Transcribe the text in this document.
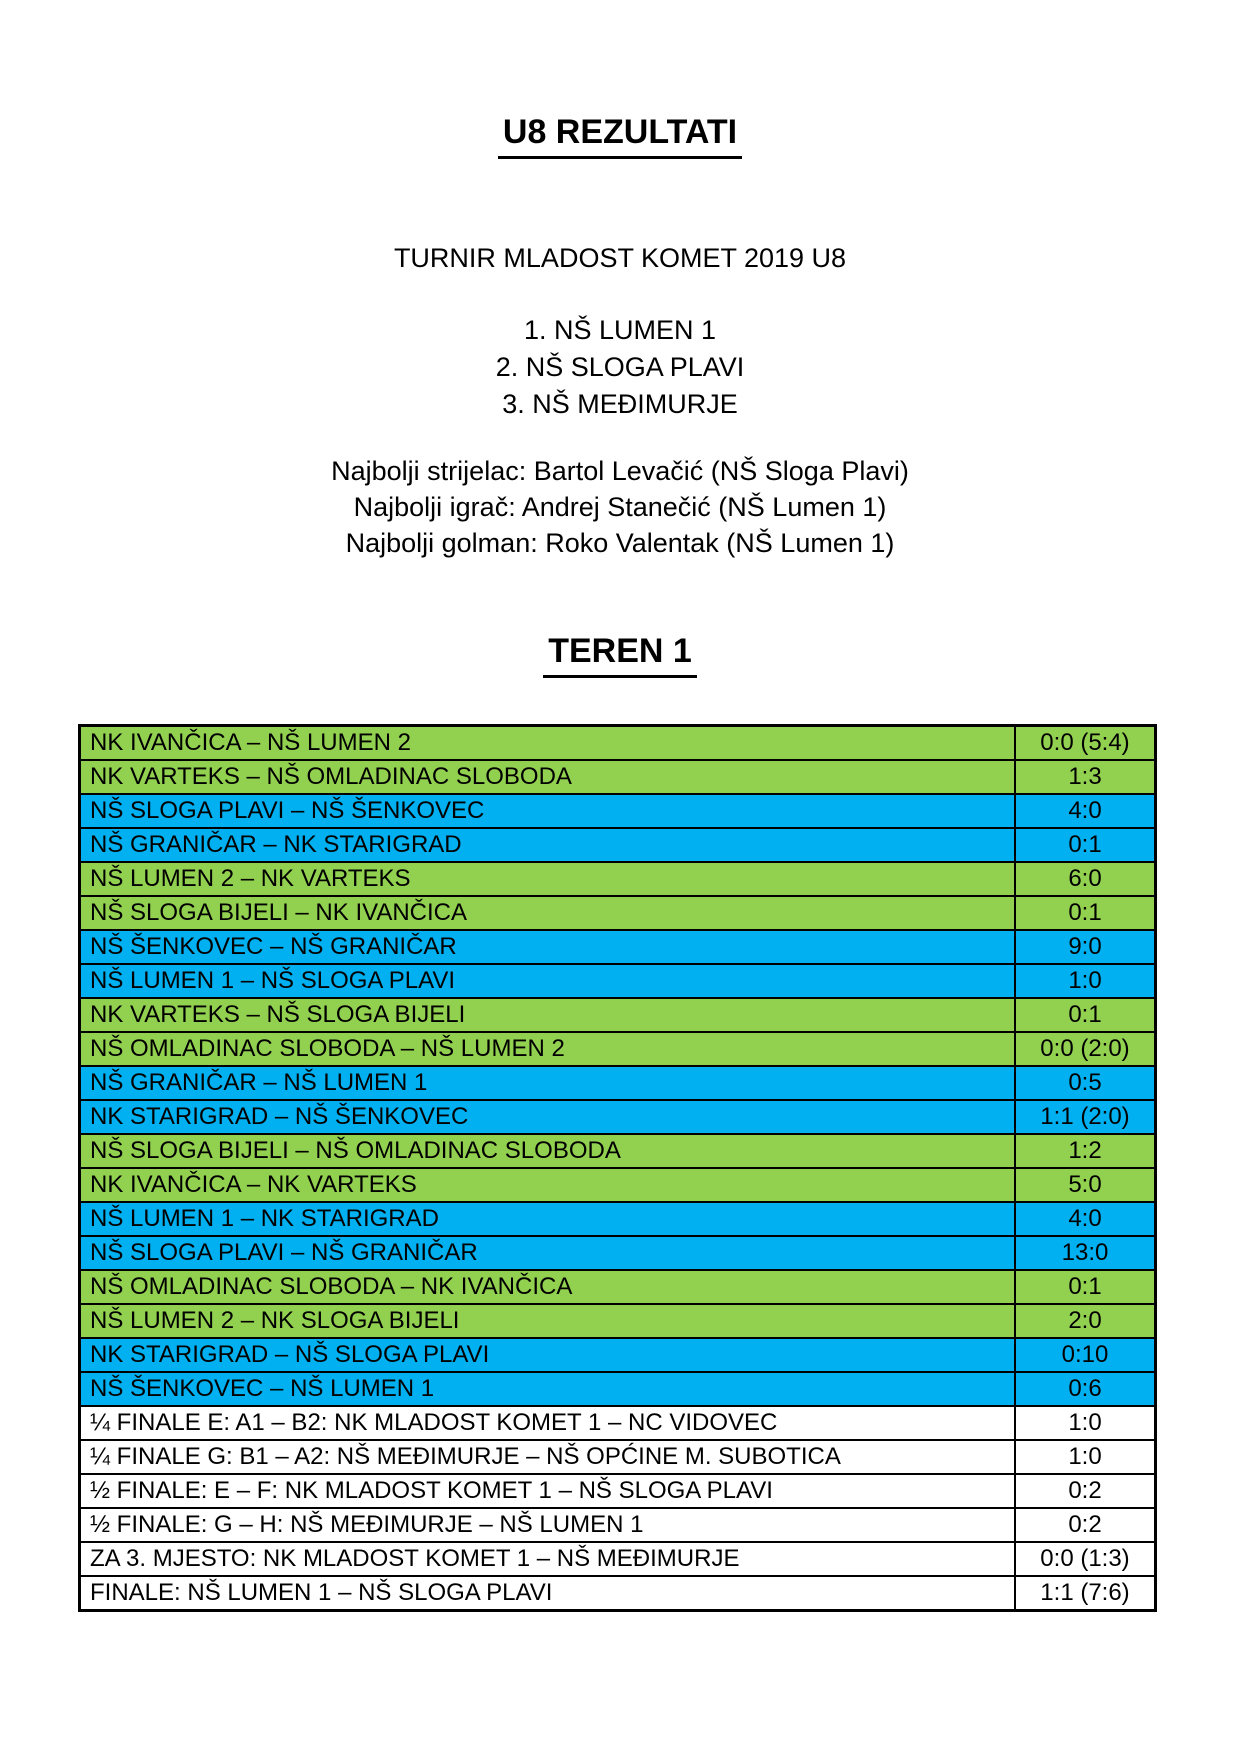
U8 REZULTATI

TURNIR MLADOST KOMET 2019 U8

1. NŠ LUMEN 1
2. NŠ SLOGA PLAVI
3. NŠ MEĐIMURJE
Najbolji strijelac: Bartol Levačić (NŠ Sloga Plavi)
Najbolji igrač: Andrej Stanečić (NŠ Lumen 1)
Najbolji golman: Roko Valentak (NŠ Lumen 1)
TEREN 1
NK IVANČICA – NŠ LUMEN 2	0:0 (5:4)
NK VARTEKS – NŠ OMLADINAC SLOBODA	1:3
NŠ SLOGA PLAVI – NŠ ŠENKOVEC	4:0
NŠ GRANIČAR – NK STARIGRAD	0:1
NŠ LUMEN 2 – NK VARTEKS	6:0
NŠ SLOGA BIJELI – NK IVANČICA	0:1
NŠ ŠENKOVEC – NŠ GRANIČAR	9:0
NŠ LUMEN 1 – NŠ SLOGA PLAVI	1:0
NK VARTEKS – NŠ SLOGA BIJELI	0:1
NŠ OMLADINAC SLOBODA – NŠ LUMEN 2	0:0 (2:0)
NŠ GRANIČAR – NŠ LUMEN 1	0:5
NK STARIGRAD – NŠ ŠENKOVEC	1:1 (2:0)
NŠ SLOGA BIJELI – NŠ OMLADINAC SLOBODA	1:2
NK IVANČICA – NK VARTEKS	5:0
NŠ LUMEN 1 – NK STARIGRAD	4:0
NŠ SLOGA PLAVI – NŠ GRANIČAR	13:0
NŠ OMLADINAC SLOBODA – NK IVANČICA	0:1
NŠ LUMEN 2 – NK SLOGA BIJELI	2:0
NK STARIGRAD – NŠ SLOGA PLAVI	0:10
NŠ ŠENKOVEC – NŠ LUMEN 1	0:6
¼ FINALE E: A1 – B2: NK MLADOST KOMET 1 – NC VIDOVEC	1:0
¼ FINALE G: B1 – A2: NŠ MEĐIMURJE – NŠ OPĆINE M. SUBOTICA	1:0
½ FINALE: E – F: NK MLADOST KOMET 1 – NŠ SLOGA PLAVI	0:2
½ FINALE: G – H: NŠ MEĐIMURJE – NŠ LUMEN 1	0:2
ZA 3. MJESTO: NK MLADOST KOMET 1 – NŠ MEĐIMURJE	0:0 (1:3)
FINALE: NŠ LUMEN 1 – NŠ SLOGA PLAVI	1:1 (7:6)
